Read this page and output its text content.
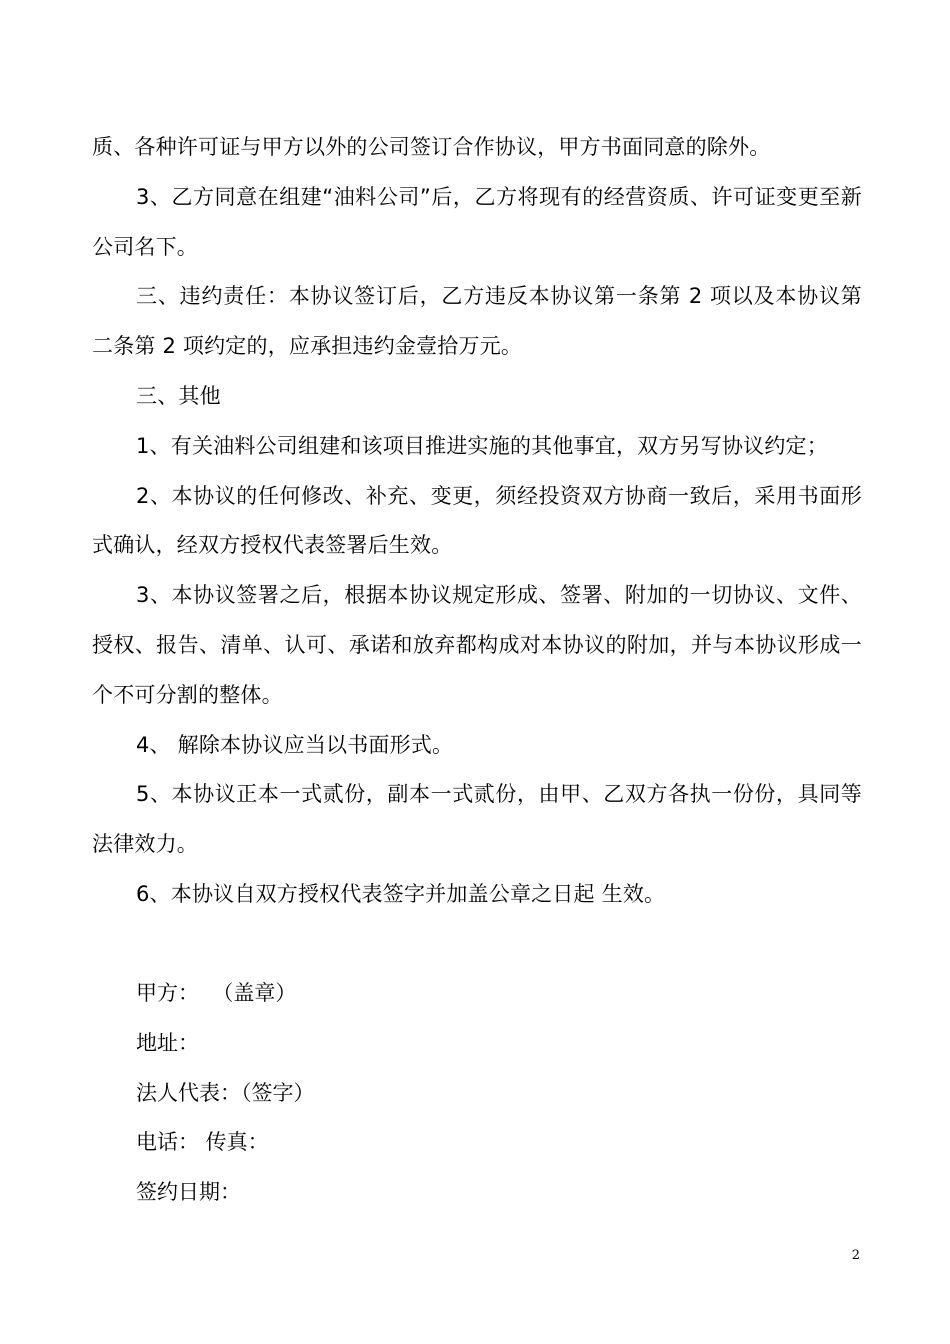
质、各种许可证与甲方以外的公司签订合作协议，甲方书面同意的除外。

3、乙方同意在组建“油料公司”后，乙方将现有的经营资质、许可证变更至新公司名下。

三、违约责任：本协议签订后，乙方违反本协议第一条第 2 项以及本协议第二条第 2 项约定的，应承担违约金壹拾万元。

三、其他

1、有关油料公司组建和该项目推进实施的其他事宜，双方另写协议约定；

2、本协议的任何修改、补充、变更，须经投资双方协商一致后，采用书面形式确认，经双方授权代表签署后生效。

3、本协议签署之后，根据本协议规定形成、签署、附加的一切协议、文件、授权、报告、清单、认可、承诺和放弃都构成对本协议的附加，并与本协议形成一个不可分割的整体。

4、 解除本协议应当以书面形式。

5、本协议正本一式贰份，副本一式贰份，由甲、乙双方各执一份份，具同等法律效力。

6、本协议自双方授权代表签字并加盖公章之日起 生效。

甲方：  （盖章）

地址：

法人代表：（签字）

电话： 传真：

签约日期：

2
